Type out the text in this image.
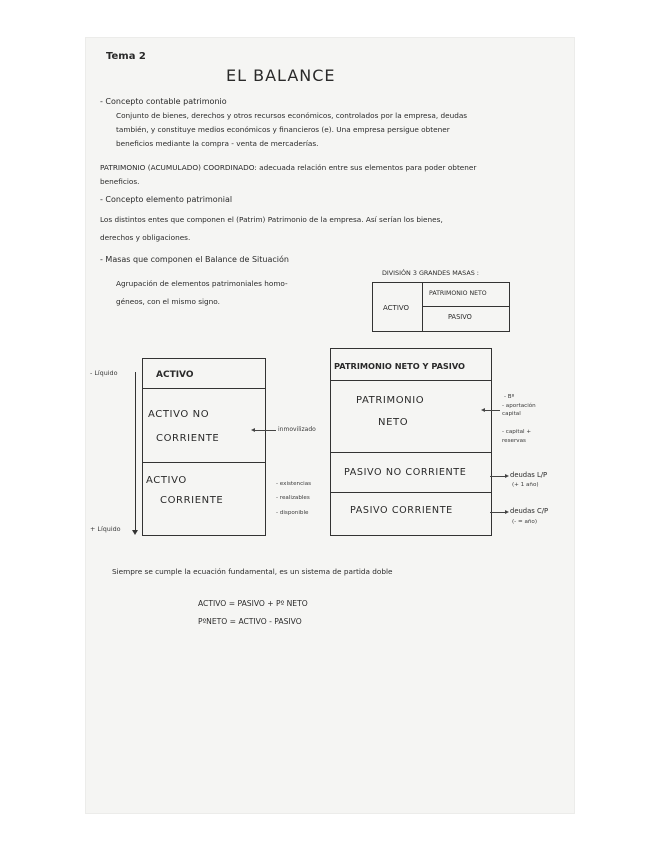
Tema 2
EL BALANCE
- Concepto contable patrimonio
Conjunto de bienes, derechos y otros recursos económicos, controlados por la empresa, deudas
también, y constituye medios económicos y financieros (e). Una empresa persigue obtener
beneficios mediante la compra - venta de mercaderías.
PATRIMONIO (ACUMULADO) COORDINADO: adecuada relación entre sus elementos para poder obtener
beneficios.
- Concepto elemento patrimonial
Los distintos entes que componen el (Patrim) Patrimonio de la empresa. Así serían los bienes,
derechos y obligaciones.
- Masas que componen el Balance de Situación
Agrupación de elementos patrimoniales homo-
géneos, con el mismo signo.
DIVISIÓN 3 GRANDES MASAS :
ACTIVO
PATRIMONIO NETO
PASIVO
- Líquido
+ Líquido
ACTIVO
ACTIVO NO
CORRIENTE
ACTIVO
CORRIENTE
inmovilizado
- existencias
- realizables
- disponible
PATRIMONIO NETO Y PASIVO
PATRIMONIO
NETO
PASIVO NO CORRIENTE
PASIVO CORRIENTE
- Bº
- aportación
capital
- capital +
reservas
deudas L/P
(+ 1 año)
deudas C/P
(- = año)
Siempre se cumple la ecuación fundamental, es un sistema de partida doble
ACTIVO = PASIVO + Pº NETO
PºNETO = ACTIVO - PASIVO
